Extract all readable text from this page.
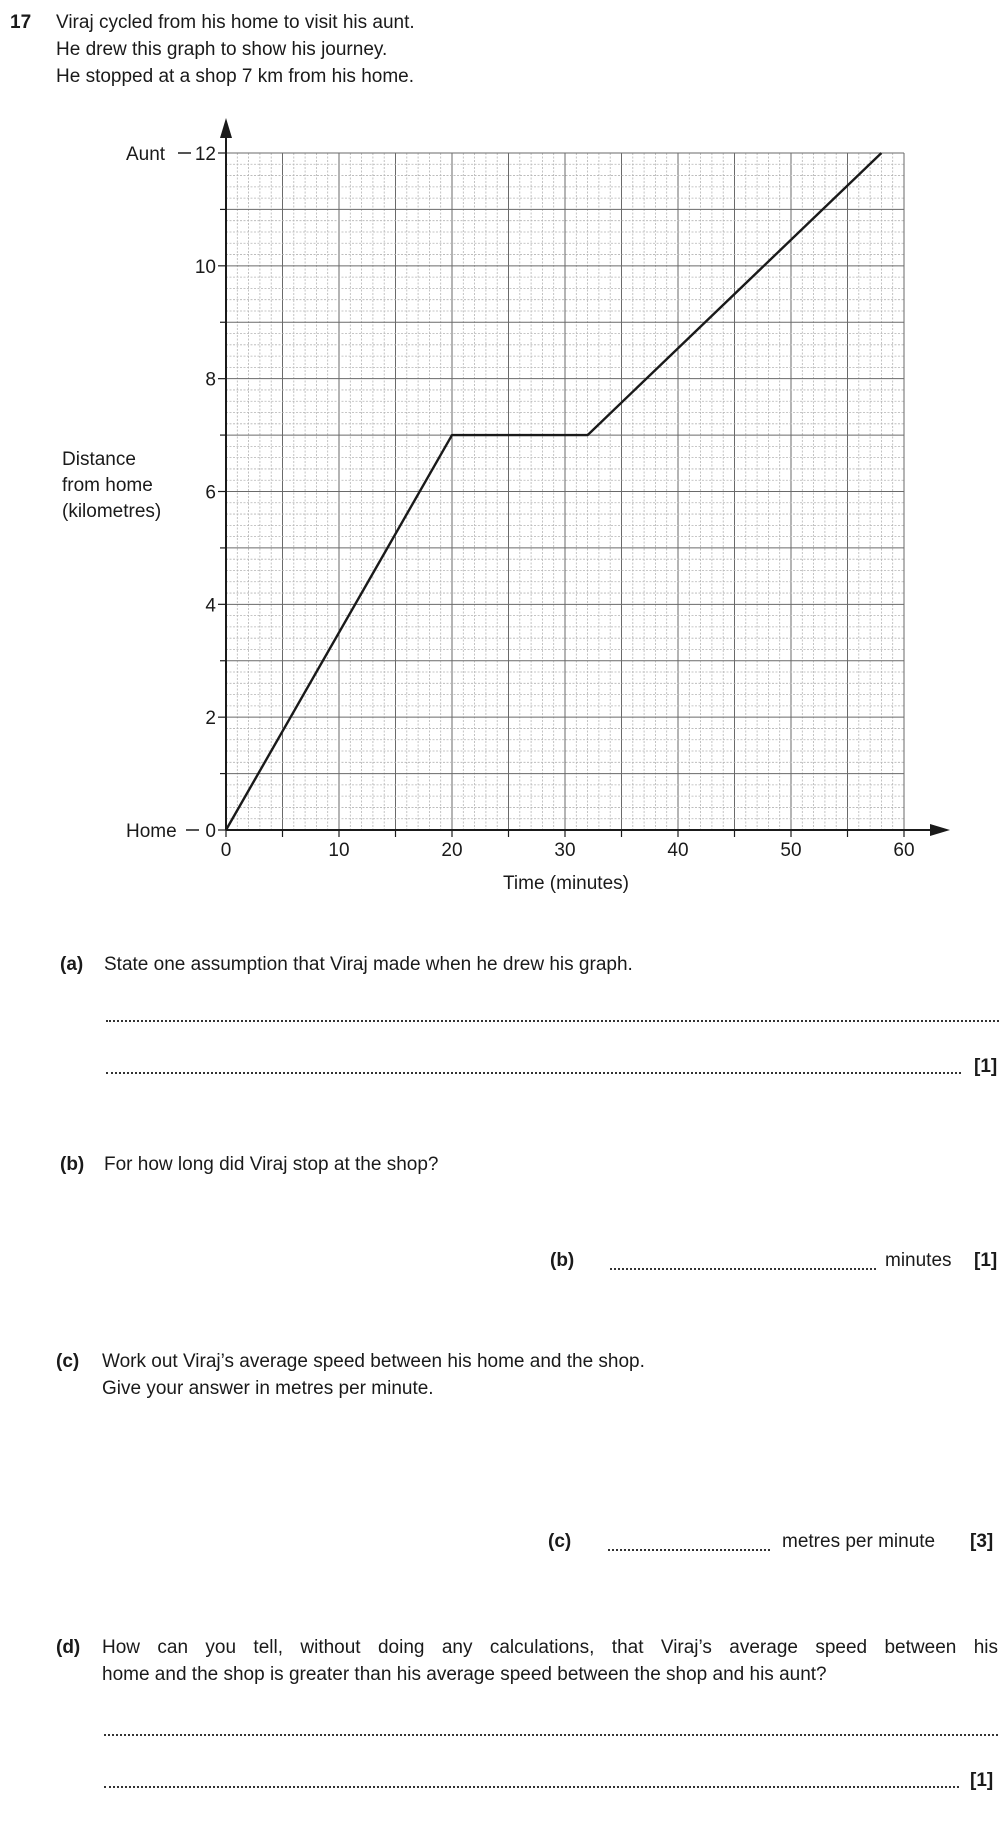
17 Viraj cycled from his home to visit his aunt.
He drew this graph to show his journey.
He stopped at a shop 7 km from his home.
0
2
4
6
8
10
12
Home
Aunt
0	10	20	30	40	50	60
Time (minutes)
Distance
from home
(kilometres)
(a) State one assumption that Viraj made when he drew his graph.
[1]
(b) For how long did Viraj stop at the shop?
(b)	minutes [1]
(c) Work out Viraj’s average speed between his home and the shop.
Give your answer in metres per minute.
(c)	metres per minute [3]
(d) How can you tell, without doing any calculations, that Viraj’s average speed between his
home and the shop is greater than his average speed between the shop and his aunt?
[1]
